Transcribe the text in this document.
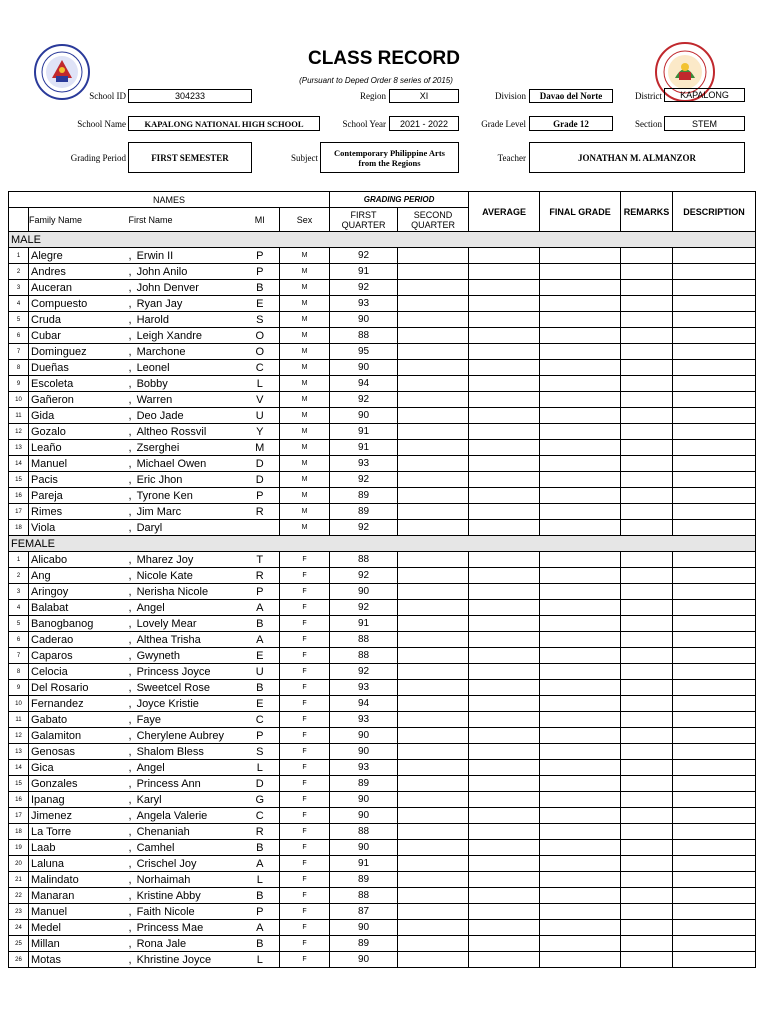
CLASS RECORD
(Pursuant to Deped Order 8 series of 2015)
School ID	304233	Region	XI	Division	Davao del Norte	District	KAPALONG
School Name	KAPALONG NATIONAL HIGH SCHOOL	School Year	2021 - 2022	Grade Level	Grade 12	Section	STEM
Grading Period	FIRST SEMESTER	Subject
Contemporary Philippine Arts from the Regions	Teacher	JONATHAN M. ALMANZOR
NAMES					GRADING PERIOD		AVERAGE	FINAL GRADE	REMARKS	DESCRIPTION
	Family Name	First Name	MI	Sex	FIRST QUARTER	SECOND QUARTER				
MALE										
1	Alegre	, Erwin II	P	M	92					
2	Andres	, John Anilo	P	M	91					
3	Auceran	, John Denver	B	M	92					
4	Compuesto	, Ryan Jay	E	M	93					
5	Cruda	, Harold	S	M	90					
6	Cubar	, Leigh Xandre	O	M	88					
7	Dominguez	, Marchone	O	M	95					
8	Dueñas	, Leonel	C	M	90					
9	Escoleta	, Bobby	L	M	94					
10	Gañeron	, Warren	V	M	92					
11	Gida	, Deo Jade	U	M	90					
12	Gozalo	, Altheo Rossvil	Y	M	91					
13	Leaño	, Zserghei	M	M	91					
14	Manuel	, Michael Owen	D	M	93					
15	Pacis	, Eric Jhon	D	M	92					
16	Pareja	, Tyrone Ken	P	M	89					
17	Rimes	, Jim Marc	R	M	89					
18	Viola	, Daryl		M	92					
FEMALE										
1	Alicabo	, Mharez Joy	T	F	88					
2	Ang	, Nicole Kate	R	F	92					
3	Aringoy	, Nerisha Nicole	P	F	90					
4	Balabat	, Angel	A	F	92					
5	Banogbanog	, Lovely Mear	B	F	91					
6	Caderao	, Althea Trisha	A	F	88					
7	Caparos	, Gwyneth	E	F	88					
8	Celocia	, Princess Joyce	U	F	92					
9	Del Rosario	, Sweetcel Rose	B	F	93					
10	Fernandez	, Joyce Kristie	E	F	94					
11	Gabato	, Faye	C	F	93					
12	Galamiton	, Cherylene Aubrey	P	F	90					
13	Genosas	, Shalom Bless	S	F	90					
14	Gica	, Angel	L	F	93					
15	Gonzales	, Princess Ann	D	F	89					
16	Ipanag	, Karyl	G	F	90					
17	Jimenez	, Angela Valerie	C	F	90					
18	La Torre	, Chenaniah	R	F	88					
19	Laab	, Camhel	B	F	90					
20	Laluna	, Crischel Joy	A	F	91					
21	Malindato	, Norhaimah	L	F	89					
22	Manaran	, Kristine Abby	B	F	88					
23	Manuel	, Faith Nicole	P	F	87					
24	Medel	, Princess Mae	A	F	90					
25	Millan	, Rona Jale	B	F	89					
26	Motas	, Khristine Joyce	L	F	90					
